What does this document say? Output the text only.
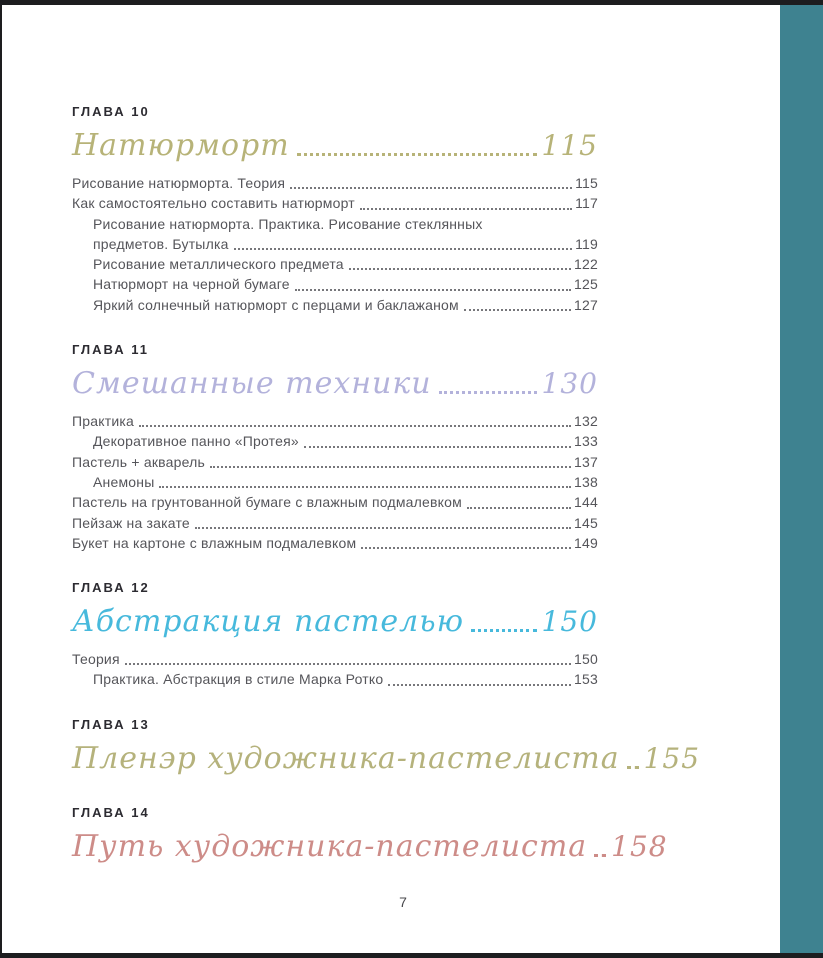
ГЛАВА 10
Натюрморт	115
Рисование натюрморта. Теория	115
Как самостоятельно составить натюрморт	117
Рисование натюрморта. Практика. Рисование стеклянных
предметов. Бутылка	119
Рисование металлического предмета	122
Натюрморт на черной бумаге	125
Яркий солнечный натюрморт с перцами и баклажаном	127
ГЛАВА 11
Смешанные техники	130
Практика	132
Декоративное панно «Протея»	133
Пастель + акварель	137
Анемоны	138
Пастель на грунтованной бумаге с влажным подмалевком	144
Пейзаж на закате	145
Букет на картоне с влажным подмалевком	149
ГЛАВА 12
Абстракция пастелью	150
Теория	150
Практика. Абстракция в стиле Марка Ротко	153
ГЛАВА 13
Пленэр художника-пастелиста 155
ГЛАВА 14
Путь художника-пастелиста 158
7
